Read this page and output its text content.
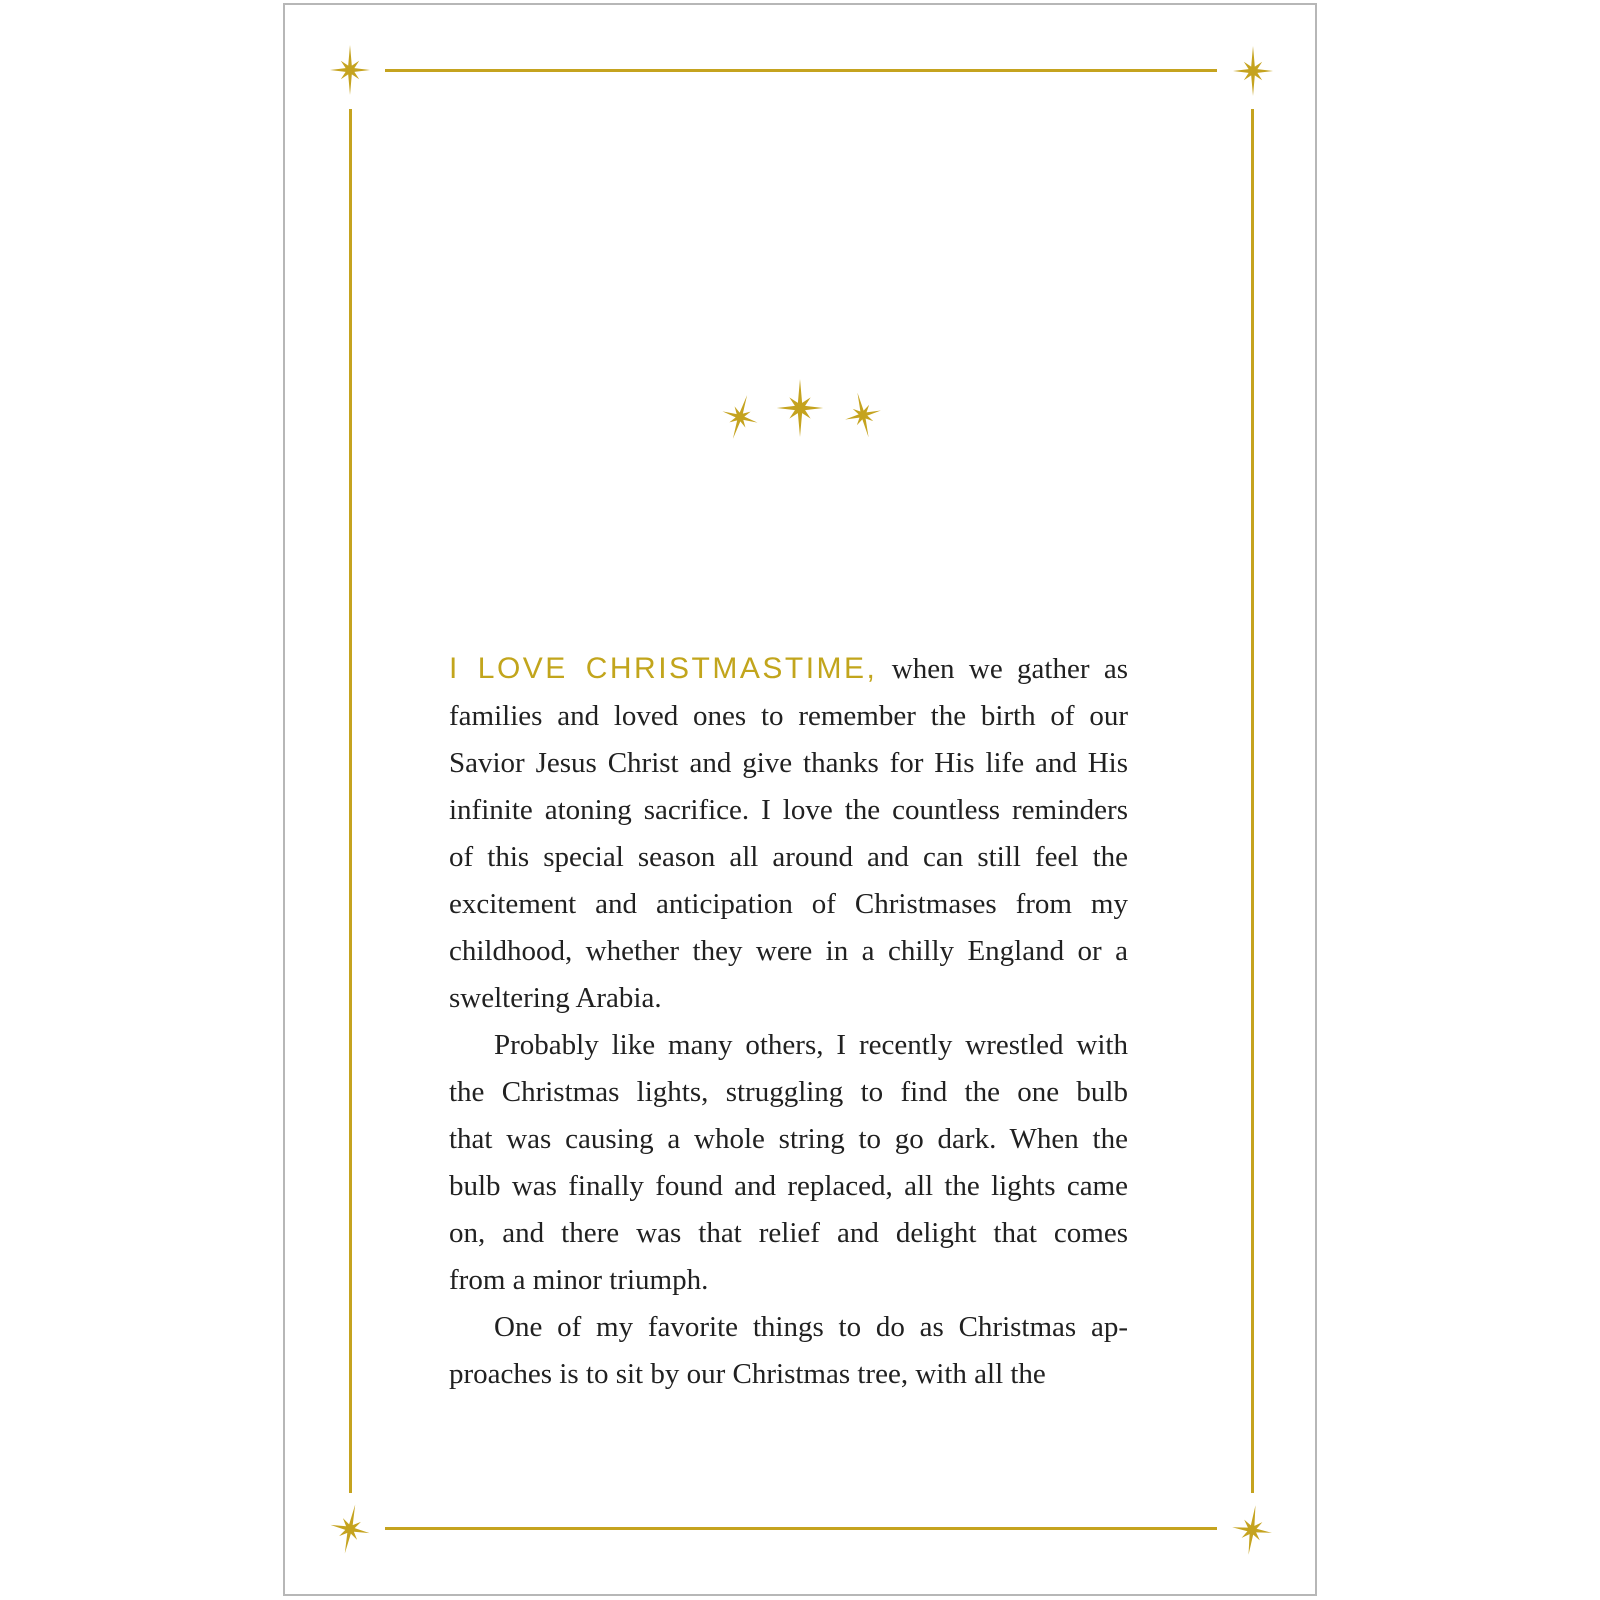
I LOVE CHRISTMASTIME, when we gather as
families and loved ones to remember the birth of our
Savior Jesus Christ and give thanks for His life and His
infinite atoning sacrifice. I love the countless reminders
of this special season all around and can still feel the
excitement and anticipation of Christmases from my
childhood, whether they were in a chilly England or a
sweltering Arabia.
Probably like many others, I recently wrestled with
the Christmas lights, struggling to find the one bulb
that was causing a whole string to go dark. When the
bulb was finally found and replaced, all the lights came
on, and there was that relief and delight that comes
from a minor triumph.
One of my favorite things to do as Christmas ap-
proaches is to sit by our Christmas tree, with all the
